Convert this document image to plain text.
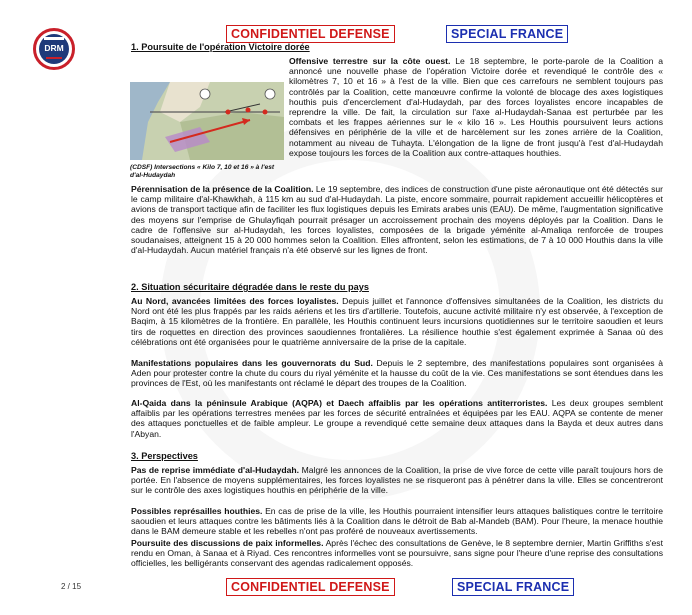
DRM
CONFIDENTIEL DEFENSE	SPECIAL FRANCE
1. Poursuite de l'opération Victoire dorée
(CDSF) Intersections « Kilo 7, 10 et 16 » à l'est d'al-Hudaydah
Offensive terrestre sur la côte ouest. Le 18 septembre, le porte-parole de la Coalition a annoncé une nouvelle phase de l'opération Victoire dorée et revendiqué le contrôle des « kilomètres 7, 10 et 16 » à l'est de la ville. Bien que ces carrefours ne semblent toujours pas contrôlés par la Coalition, cette manœuvre confirme la volonté de blocage des axes logistiques houthis puis d'encerclement d'al-Hudaydah, par des forces loyalistes encore incapables de reprendre la ville. De fait, la circulation sur l'axe al-Hudaydah-Sanaa est perturbée par les combats et les frappes aériennes sur le « kilo 16 ». Les Houthis poursuivent leurs actions défensives en périphérie de la ville et de harcèlement sur les zones arrière de la Coalition, notamment au niveau de Tuhayta. L'élongation de la ligne de front jusqu'à l'est d'al-Hudaydah expose toujours les forces de la Coalition aux contre-attaques houthies.
Pérennisation de la présence de la Coalition. Le 19 septembre, des indices de construction d'une piste aéronautique ont été détectés sur le camp militaire d'al-Khawkhah, à 115 km au sud d'al-Hudaydah. La piste, encore sommaire, pourrait rapidement accueillir hélicoptères et avions de transport tactique afin de faciliter les flux logistiques depuis les Emirats arabes unis (EAU). De même, l'augmentation significative des moyens sur l'emprise de Ghulayfiqah pourrait présager un accroissement prochain des moyens déployés par la Coalition. Dans le cadre de l'offensive sur al-Hudaydah, les forces loyalistes, composées de la brigade yéménite al-Amaliqa renforcée de troupes soudanaises, atteignent 15 à 20 000 hommes selon la Coalition. Elles affrontent, selon les estimations, de 7 à 10 000 Houthis dans la ville d'al-Hudaydah. Aucun matériel français n'a été observé sur les lignes de front.
2. Situation sécuritaire dégradée dans le reste du pays
Au Nord, avancées limitées des forces loyalistes. Depuis juillet et l'annonce d'offensives simultanées de la Coalition, les districts du Nord ont été les plus frappés par les raids aériens et les tirs d'artillerie. Toutefois, aucune activité militaire n'y est observée, à l'exception de Baqim, à 15 kilomètres de la frontière. En parallèle, les Houthis continuent leurs incursions quotidiennes sur le territoire saoudien et leurs tirs de roquettes en direction des provinces saoudiennes frontalières. La résilience houthie s'est également exprimée à Sanaa où des célébrations ont été organisées pour le quatrième anniversaire de la prise de la capitale.
Manifestations populaires dans les gouvernorats du Sud. Depuis le 2 septembre, des manifestations populaires sont organisées à Aden pour protester contre la chute du cours du riyal yéménite et la hausse du coût de la vie. Ces manifestations se sont étendues dans les provinces de l'Est, où les manifestants ont réclamé le départ des troupes de la Coalition.
Al-Qaida dans la péninsule Arabique (AQPA) et Daech affaiblis par les opérations antiterroristes. Les deux groupes semblent affaiblis par les opérations terrestres menées par les forces de sécurité entraînées et équipées par les EAU. AQPA se contente de mener des attaques ponctuelles et de faible ampleur. Le groupe a revendiqué cette semaine deux attaques dans la Bayda et deux autres dans l'Abyan.
3. Perspectives
Pas de reprise immédiate d'al-Hudaydah. Malgré les annonces de la Coalition, la prise de vive force de cette ville paraît toujours hors de portée. En l'absence de moyens supplémentaires, les forces loyalistes ne se risqueront pas à pénétrer dans la ville. Elles se concentreront sur le contrôle des axes logistiques houthis en périphérie de la ville.
Possibles représailles houthies. En cas de prise de la ville, les Houthis pourraient intensifier leurs attaques balistiques contre le territoire saoudien et leurs attaques contre les bâtiments liés à la Coalition dans le détroit de Bab al-Mandeb (BAM). Pour l'heure, la menace houthie dans le BAM demeure stable et les rebelles n'ont pas proféré de nouveaux avertissements.
Poursuite des discussions de paix informelles. Après l'échec des consultations de Genève, le 8 septembre dernier, Martin Griffiths s'est rendu en Oman, à Sanaa et à Riyad. Ces rencontres informelles vont se poursuivre, sans signe pour l'heure d'une reprise des consultations officielles, les belligérants conservant des agendas radicalement opposés.
2 / 15	CONFIDENTIEL DEFENSE	SPECIAL FRANCE
